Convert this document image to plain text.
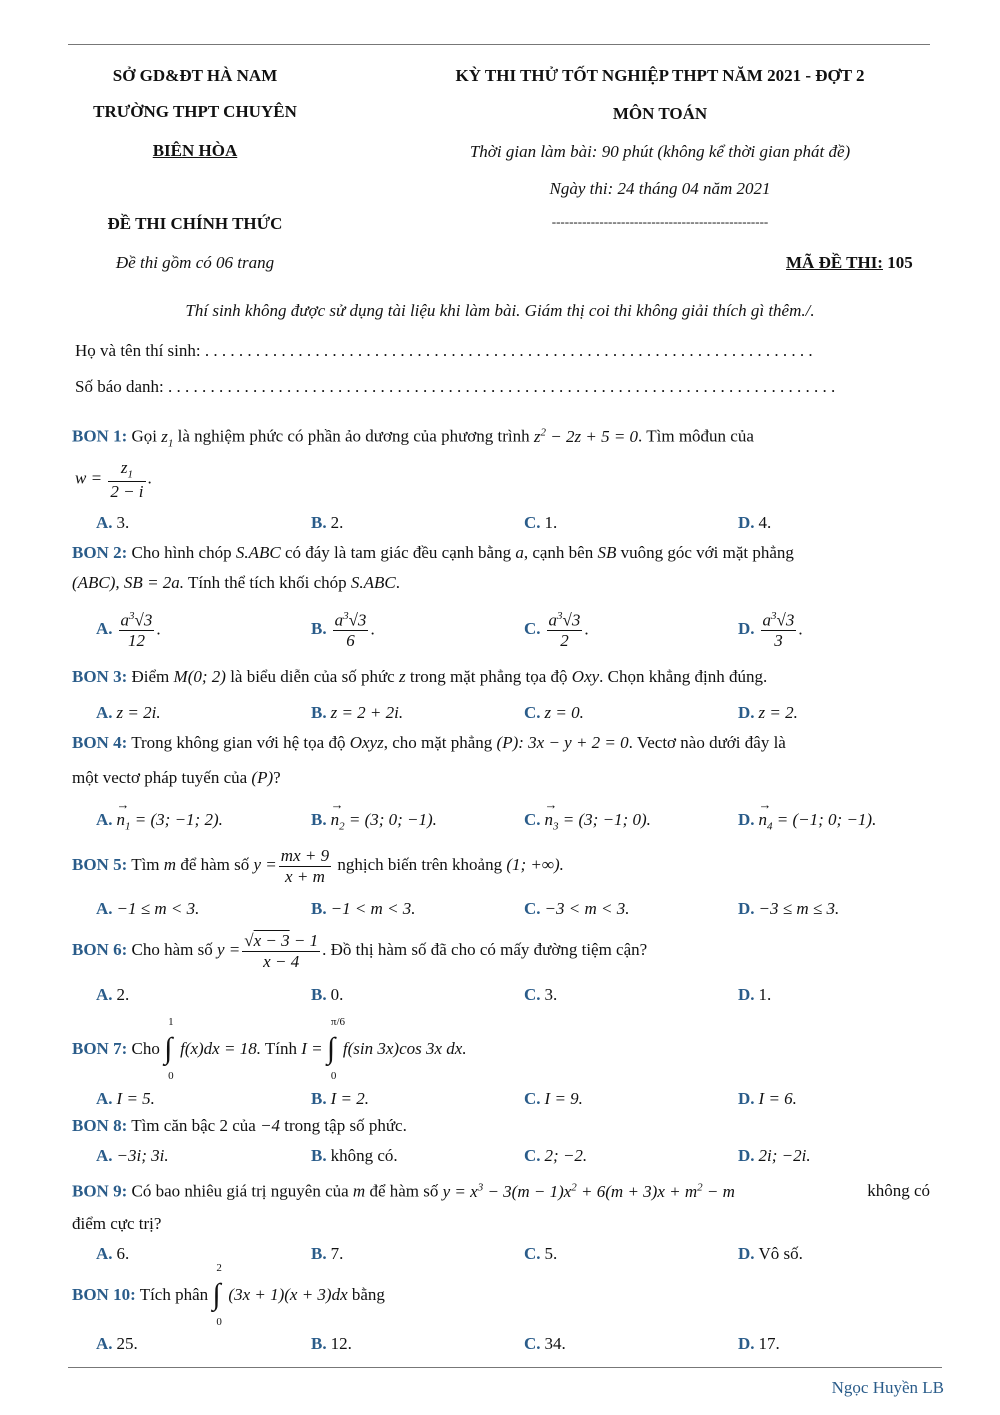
SỞ GD&ĐT HÀ NAM
TRƯỜNG THPT CHUYÊN
BIÊN HÒA
ĐỀ THI CHÍNH THỨC
Đề thi gồm có 06 trang
KỲ THI THỬ TỐT NGHIỆP THPT NĂM 2021 - ĐỢT 2
MÔN TOÁN
Thời gian làm bài: 90 phút (không kể thời gian phát đề)
Ngày thi: 24 tháng 04 năm 2021
--------------------------------------------------
MÃ ĐỀ THI: 105
Thí sinh không được sử dụng tài liệu khi làm bài. Giám thị coi thi không giải thích gì thêm./.
Họ và tên thí sinh: . . . . . . . . . . . . . . . . . . . . . . . . . . . . . . . . . . . . . . . . . . . . . . . . . . . . . . . . . . . . . . . . . . . . . . . .
Số báo danh: . . . . . . . . . . . . . . . . . . . . . . . . . . . . . . . . . . . . . . . . . . . . . . . . . . . . . . . . . . . . . . . . . . . . . . . . . . . . . . .
BON 1: Gọi $z_1$ là nghiệm phức có phần ảo dương của phương trình $z^2 - 2z + 5 = 0$. Tìm môđun của
$w = \frac{z_1}{2 - i}$ .
A. 3.	B. 2.	C. 1.	D. 4.
BON 2: Cho hình chóp S.ABC có đáy là tam giác đều cạnh bằng a, cạnh bên SB vuông góc với mặt phẳng
(ABC), SB = 2a. Tính thể tích khối chóp S.ABC.
A. $\frac{a^3√3}{12}$ .	B. $\frac{a^3√3}{6}$ .	C. $\frac{a^3√3}{2}$ .	D. $\frac{a^3√3}{3}$ .
BON 3: Điểm M(0; 2) là biểu diễn của số phức z trong mặt phẳng tọa độ Oxy. Chọn khẳng định đúng.
A. z = 2i.	B. z = 2 + 2i.	C. z = 0.	D. z = 2.
BON 4: Trong không gian với hệ tọa độ Oxyz, cho mặt phẳng (P): 3x − y + 2 = 0. Vectơ nào dưới đây là
một vectơ pháp tuyến của (P)?
A. → $n_1 = (3$; −1; 2).	B. → $n_2 = (3$; 0; −1).	C. → $n_3 = (3$; −1; 0).	D. → $n_4 = (-1$; 0; −1).
BON 5: Tìm m để hàm số $y = \frac{mx + 9}{x + m}$ nghịch biến trên khoảng (1; +∞).
A. −1 ≤ m < 3.	B. −1 < m < 3.	C. −3 < m < 3.	D. −3 ≤ m ≤ 3.
BON 6: Cho hàm số $y = \frac{√x - 3 - 1}{x - 4}$ . Đồ thị hàm số đã cho có mấy đường tiệm cận?
A. 2.	B. 0.	C. 3.	D. 1.
BON 7: Cho
1
∫
0
f(x)dx = 18. Tính I =
π/6
∫
0
f(sin 3x)cos 3x dx.
A. I = 5.	B. I = 2.	C. I = 9.	D. I = 6.
BON 8: Tìm căn bậc 2 của −4 trong tập số phức.
A. −3i; 3i.	B. không có.	C. 2; −2.	D. 2i; −2i.
BON 9: Có bao nhiêu giá trị nguyên của m để hàm số $y = x^3 - 3(m - 1)x^2 + 6(m + 3)x + m^2 - m$	không có
điểm cực trị?
A. 6.	B. 7.	C. 5.	D. Vô số.
BON 10: Tích phân
2
∫
0
(3x + 1)(x + 3)dx bằng
A. 25.	B. 12.	C. 34.	D. 17.
Ngọc Huyền LB
